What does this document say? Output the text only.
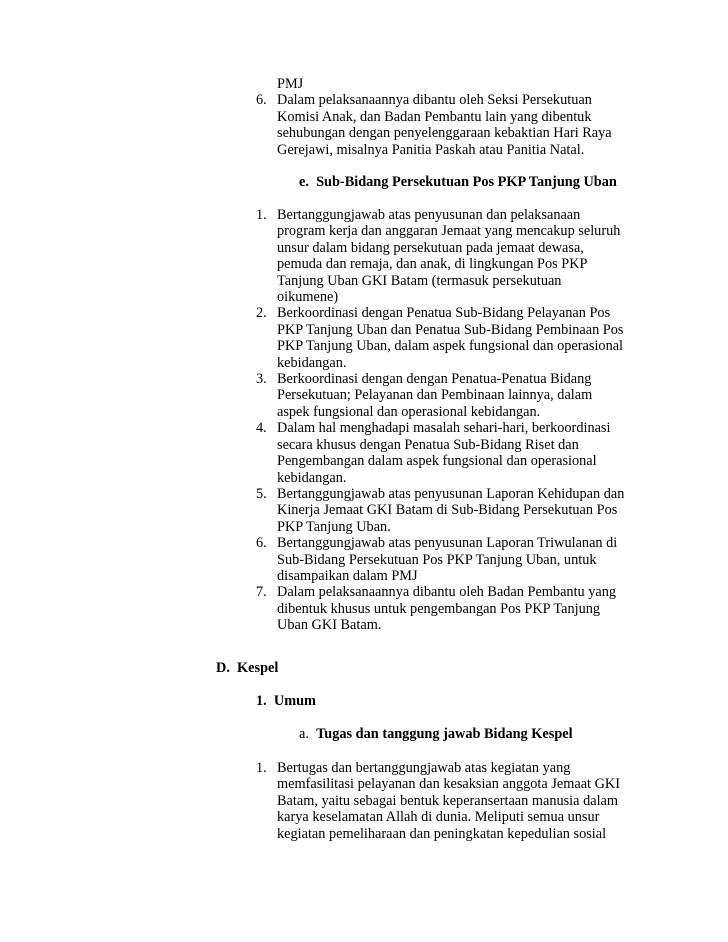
PMJ
6. Dalam pelaksanaannya dibantu oleh Seksi Persekutuan
Komisi Anak, dan Badan Pembantu lain yang dibentuk
sehubungan dengan penyelenggaraan kebaktian Hari Raya
Gerejawi, misalnya Panitia Paskah atau Panitia Natal.
e. Sub-Bidang Persekutuan Pos PKP Tanjung Uban
1. Bertanggungjawab atas penyusunan dan pelaksanaan
program kerja dan anggaran Jemaat yang mencakup seluruh
unsur dalam bidang persekutuan pada jemaat dewasa,
pemuda dan remaja, dan anak, di lingkungan Pos PKP
Tanjung Uban GKI Batam (termasuk persekutuan
oikumene)
2. Berkoordinasi dengan Penatua Sub-Bidang Pelayanan Pos
PKP Tanjung Uban dan Penatua Sub-Bidang Pembinaan Pos
PKP Tanjung Uban, dalam aspek fungsional dan operasional
kebidangan.
3. Berkoordinasi dengan dengan Penatua-Penatua Bidang
Persekutuan; Pelayanan dan Pembinaan lainnya, dalam
aspek fungsional dan operasional kebidangan.
4. Dalam hal menghadapi masalah sehari-hari, berkoordinasi
secara khusus dengan Penatua Sub-Bidang Riset dan
Pengembangan dalam aspek fungsional dan operasional
kebidangan.
5. Bertanggungjawab atas penyusunan Laporan Kehidupan dan
Kinerja Jemaat GKI Batam di Sub-Bidang Persekutuan Pos
PKP Tanjung Uban.
6. Bertanggungjawab atas penyusunan Laporan Triwulanan di
Sub-Bidang Persekutuan Pos PKP Tanjung Uban, untuk
disampaikan dalam PMJ
7. Dalam pelaksanaannya dibantu oleh Badan Pembantu yang
dibentuk khusus untuk pengembangan Pos PKP Tanjung
Uban GKI Batam.
D.  Kespel
1.  Umum
a. Tugas dan tanggung jawab Bidang Kespel
1. Bertugas dan bertanggungjawab atas kegiatan yang
memfasilitasi pelayanan dan kesaksian anggota Jemaat GKI
Batam, yaitu sebagai bentuk keperansertaan manusia dalam
karya keselamatan Allah di dunia. Meliputi semua unsur
kegiatan pemeliharaan dan peningkatan kepedulian sosial
